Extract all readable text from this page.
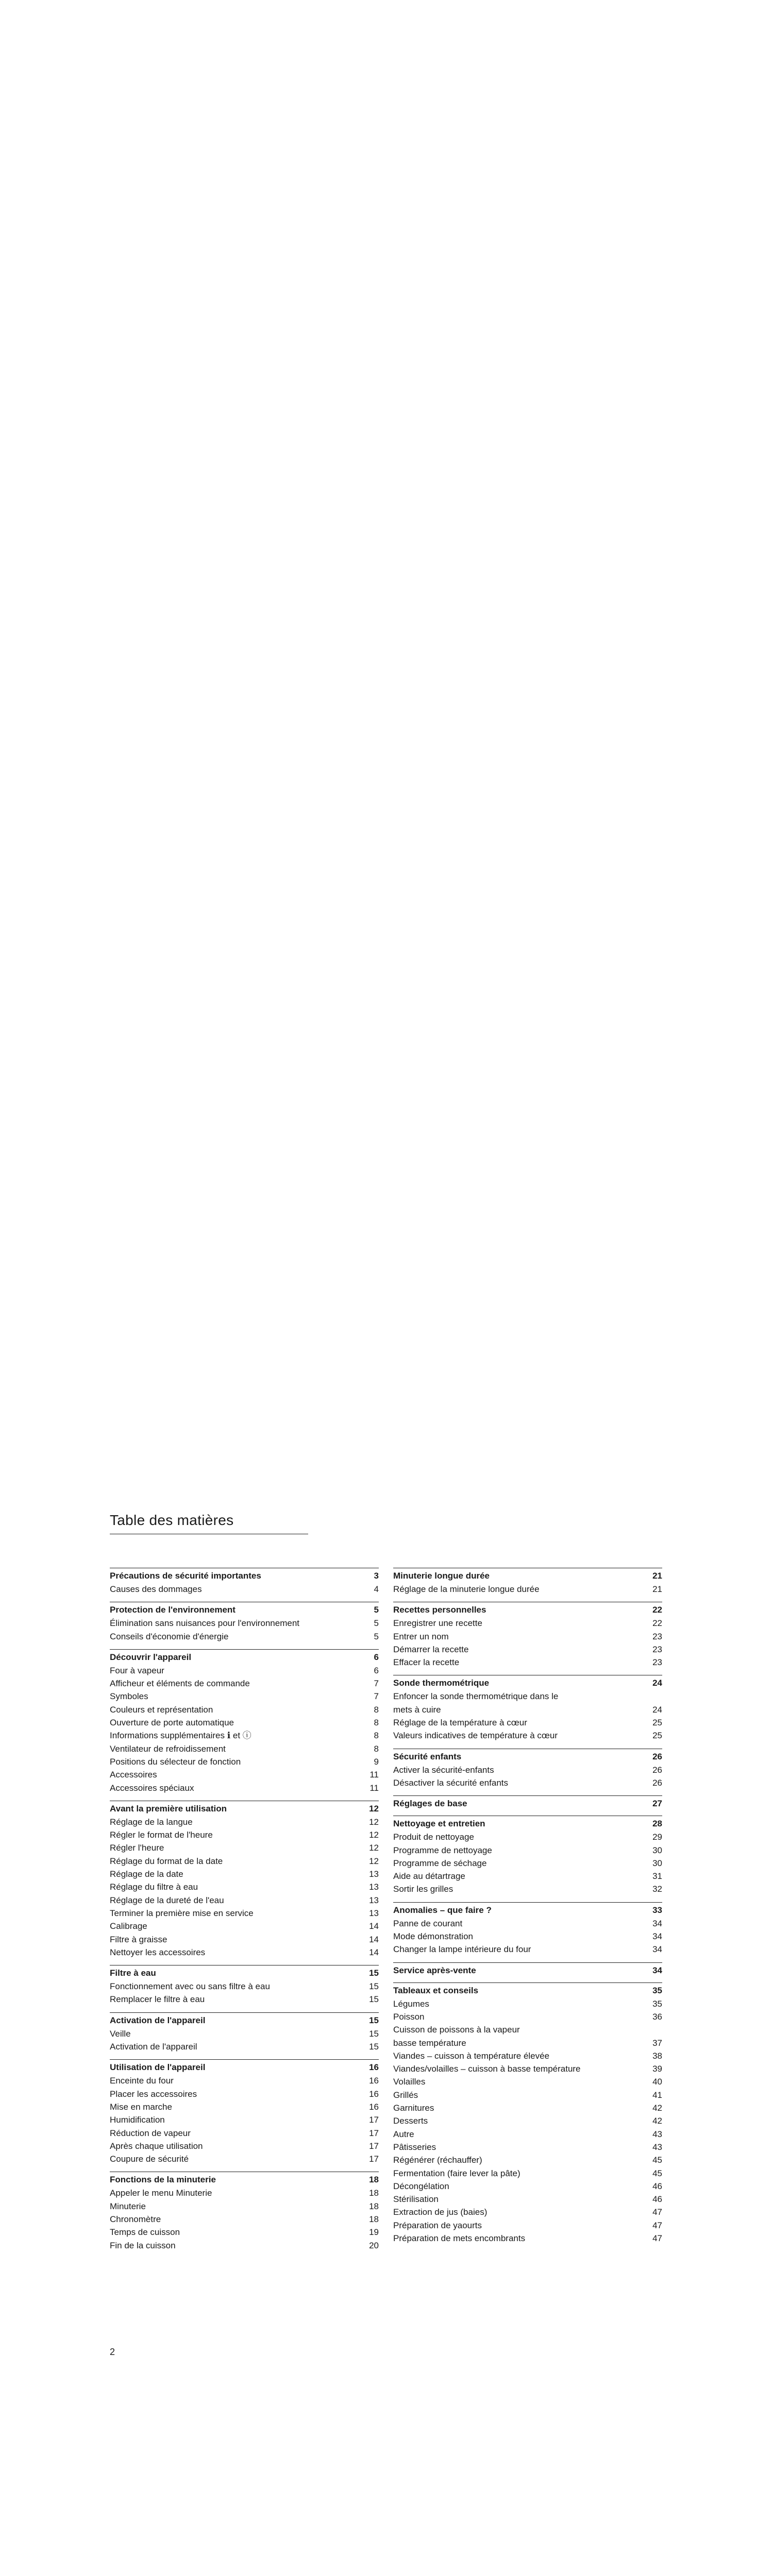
Table des matières
Précautions de sécurité importantes	3
Causes des dommages	4
Protection de l'environnement	5
Élimination sans nuisances pour l'environnement	5
Conseils d'économie d'énergie	5
Découvrir l'appareil	6
Four à vapeur	6
Afficheur et éléments de commande	7
Symboles	7
Couleurs et représentation	8
Ouverture de porte automatique	8
Informations supplémentaires ℹ et ⓘ	8
Ventilateur de refroidissement	8
Positions du sélecteur de fonction	9
Accessoires	11
Accessoires spéciaux	11
Avant la première utilisation	12
Réglage de la langue	12
Régler le format de l'heure	12
Régler l'heure	12
Réglage du format de la date	12
Réglage de la date	13
Réglage du filtre à eau	13
Réglage de la dureté de l'eau	13
Terminer la première mise en service	13
Calibrage	14
Filtre à graisse	14
Nettoyer les accessoires	14
Filtre à eau	15
Fonctionnement avec ou sans filtre à eau	15
Remplacer le filtre à eau	15
Activation de l'appareil	15
Veille	15
Activation de l'appareil	15
Utilisation de l'appareil	16
Enceinte du four	16
Placer les accessoires	16
Mise en marche	16
Humidification	17
Réduction de vapeur	17
Après chaque utilisation	17
Coupure de sécurité	17
Fonctions de la minuterie	18
Appeler le menu Minuterie	18
Minuterie	18
Chronomètre	18
Temps de cuisson	19
Fin de la cuisson	20
Minuterie longue durée	21
Réglage de la minuterie longue durée	21
Recettes personnelles	22
Enregistrer une recette	22
Entrer un nom	23
Démarrer la recette	23
Effacer la recette	23
Sonde thermométrique	24
Enfoncer la sonde thermométrique dans le
mets à cuire	24
Réglage de la température à cœur	25
Valeurs indicatives de température à cœur	25
Sécurité enfants	26
Activer la sécurité-enfants	26
Désactiver la sécurité enfants	26
Réglages de base	27
Nettoyage et entretien	28
Produit de nettoyage	29
Programme de nettoyage	30
Programme de séchage	30
Aide au détartrage	31
Sortir les grilles	32
Anomalies – que faire ?	33
Panne de courant	34
Mode démonstration	34
Changer la lampe intérieure du four	34
Service après-vente	34
Tableaux et conseils	35
Légumes	35
Poisson	36
Cuisson de poissons à la vapeur
basse température	37
Viandes – cuisson à température élevée	38
Viandes/volailles – cuisson à basse température	39
Volailles	40
Grillés	41
Garnitures	42
Desserts	42
Autre	43
Pâtisseries	43
Régénérer (réchauffer)	45
Fermentation (faire lever la pâte)	45
Décongélation	46
Stérilisation	46
Extraction de jus (baies)	47
Préparation de yaourts	47
Préparation de mets encombrants	47
2
